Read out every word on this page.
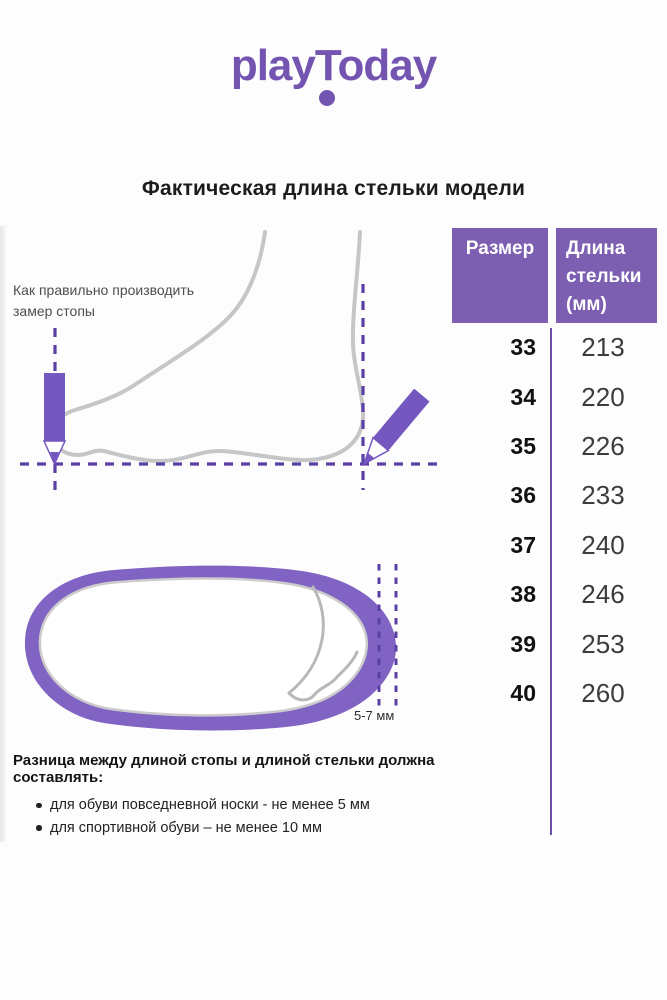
playToday
Фактическая длина стельки модели
Как правильно производить замер стопы
5-7 мм
Разница между длиной стопы и длиной стельки должна составлять:
для обуви повседневной носки - не менее 5 мм
для спортивной обуви – не менее 10 мм
Размер	Длина стельки (мм)
33	213
34	220
35	226
36	233
37	240
38	246
39	253
40	260
